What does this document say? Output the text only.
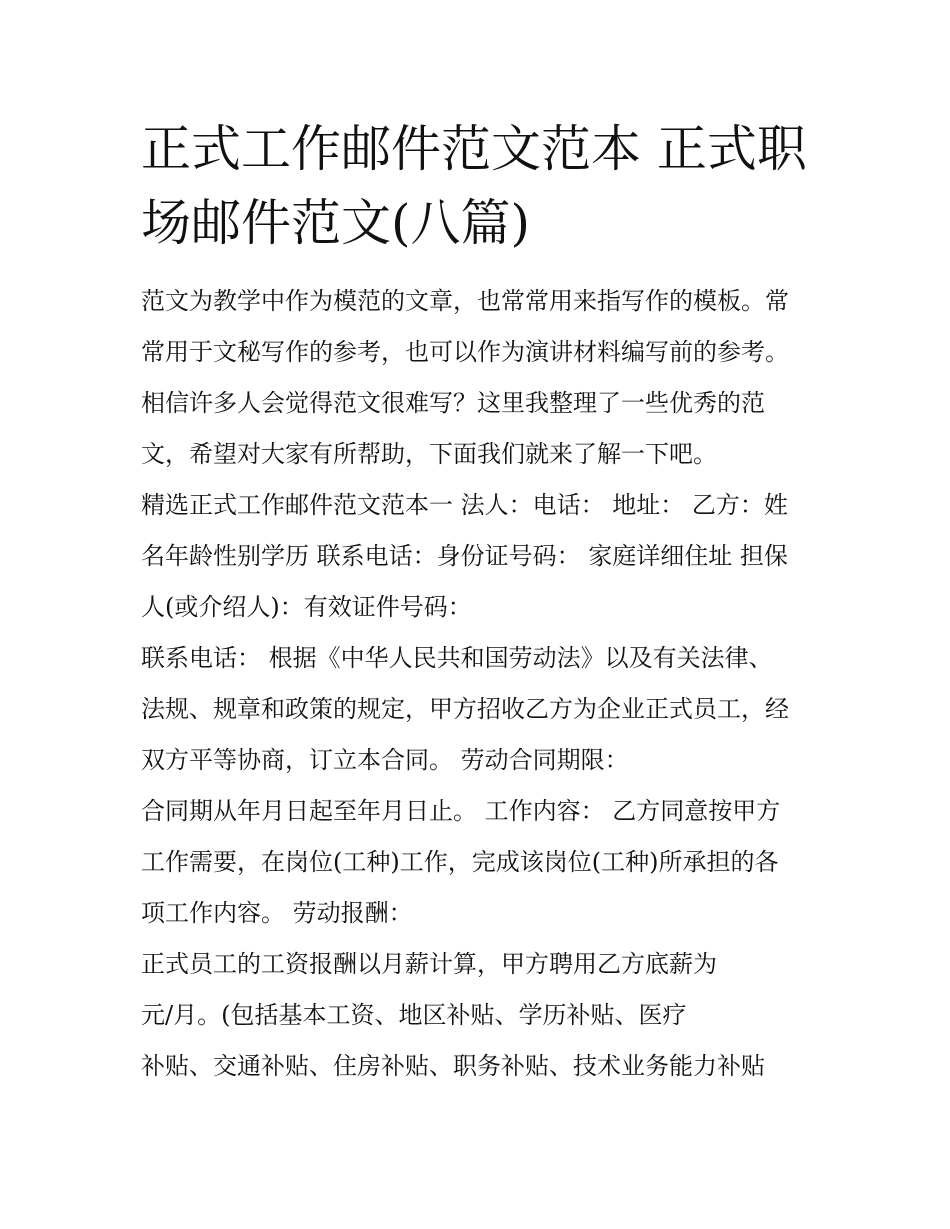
正式工作邮件范文范本 正式职
场邮件范文(八篇)
范文为教学中作为模范的文章，也常常用来指写作的模板。常
常用于文秘写作的参考，也可以作为演讲材料编写前的参考。
相信许多人会觉得范文很难写？这里我整理了一些优秀的范
文，希望对大家有所帮助，下面我们就来了解一下吧。
精选正式工作邮件范文范本一 法人：电话： 地址： 乙方：姓
名年龄性别学历 联系电话：身份证号码： 家庭详细住址 担保
人(或介绍人)：有效证件号码：
联系电话： 根据《中华人民共和国劳动法》以及有关法律、
法规、规章和政策的规定，甲方招收乙方为企业正式员工，经
双方平等协商，订立本合同。 劳动合同期限：
合同期从年月日起至年月日止。 工作内容： 乙方同意按甲方
工作需要，在岗位(工种)工作，完成该岗位(工种)所承担的各
项工作内容。 劳动报酬：
正式员工的工资报酬以月薪计算，甲方聘用乙方底薪为
元/月。(包括基本工资、地区补贴、学历补贴、医疗
补贴、交通补贴、住房补贴、职务补贴、技术业务能力补贴
